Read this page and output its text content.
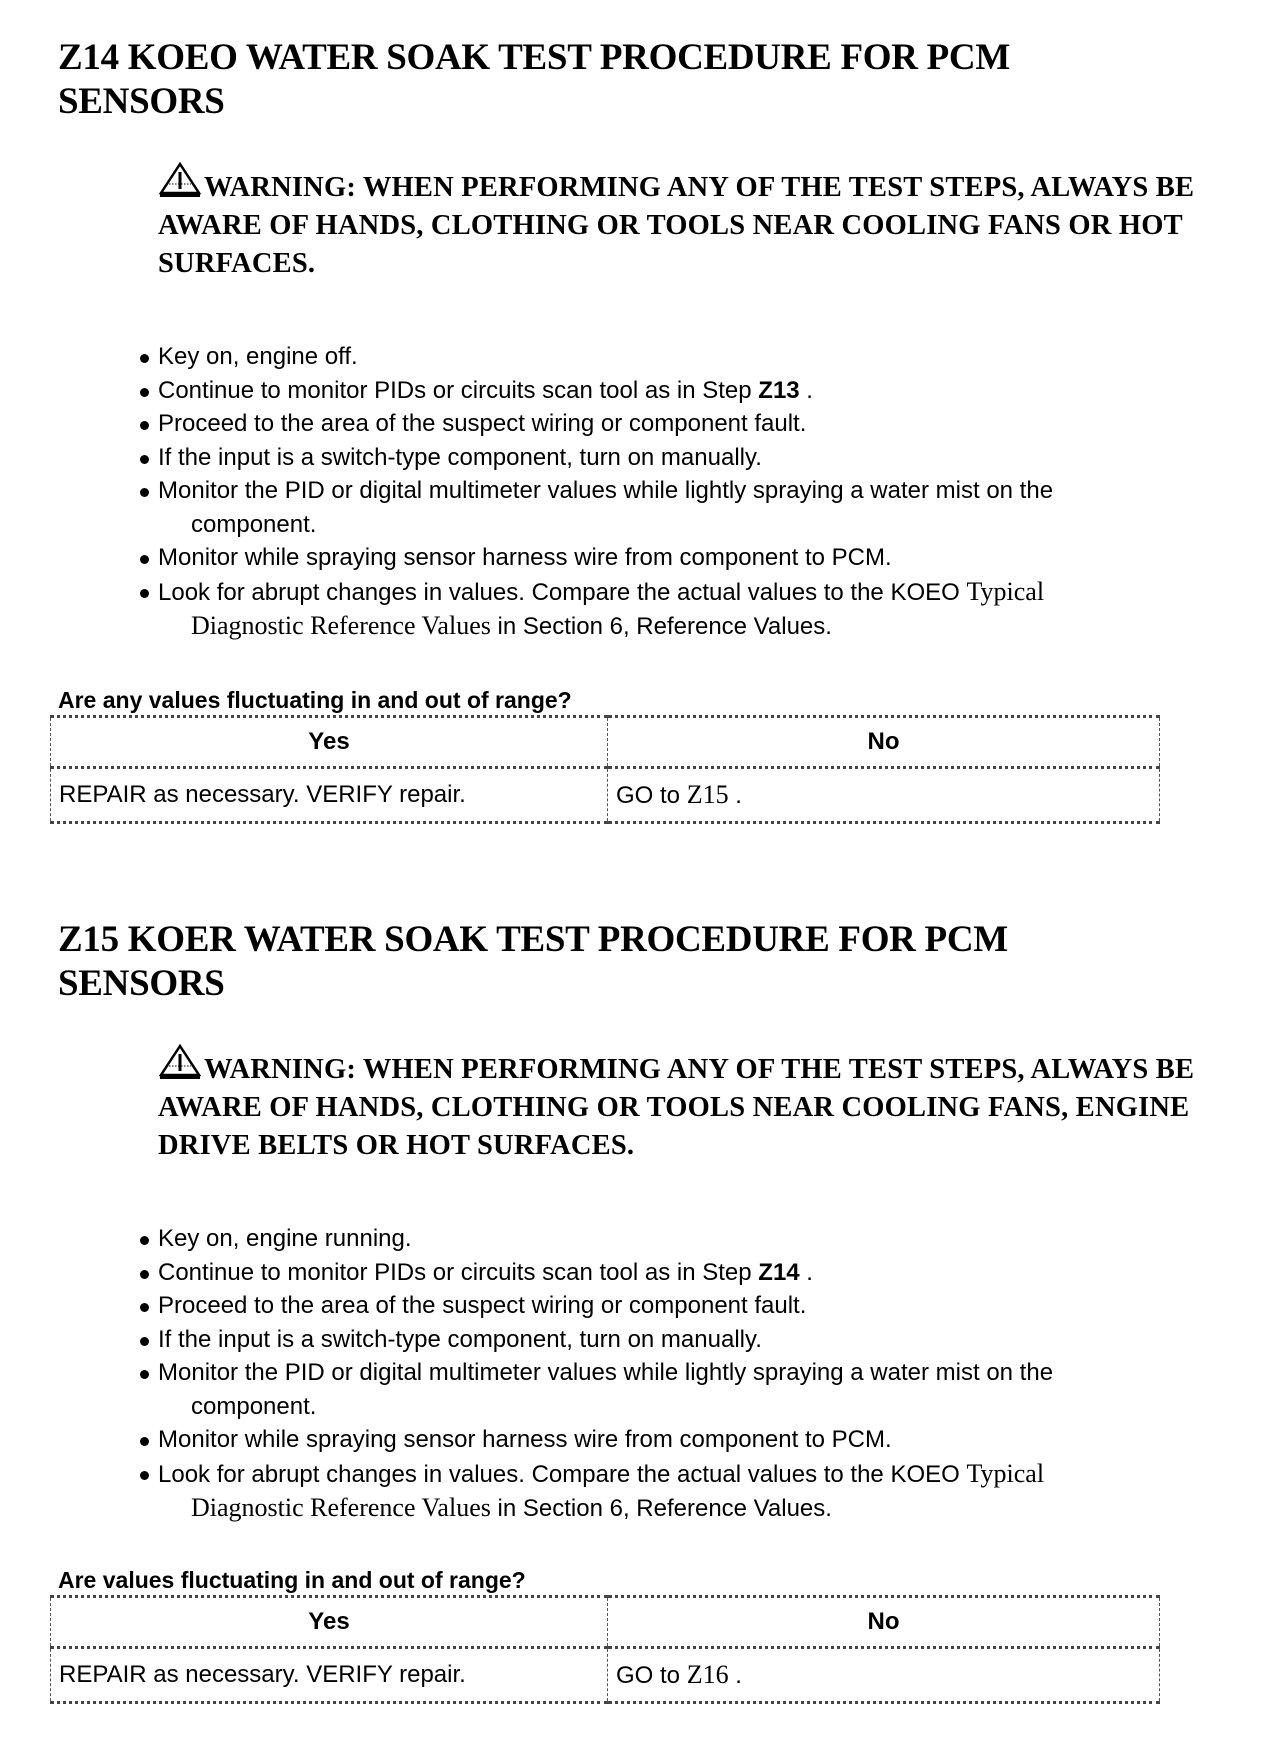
Z14 KOEO WATER SOAK TEST PROCEDURE FOR PCM SENSORS

WARNING: WHEN PERFORMING ANY OF THE TEST STEPS, ALWAYS BE AWARE OF HANDS, CLOTHING OR TOOLS NEAR COOLING FANS OR HOT SURFACES.

Key on, engine off.
Continue to monitor PIDs or circuits scan tool as in Step Z13 .
Proceed to the area of the suspect wiring or component fault.
If the input is a switch-type component, turn on manually.
Monitor the PID or digital multimeter values while lightly spraying a water mist on the
component.
Monitor while spraying sensor harness wire from component to PCM.
Look for abrupt changes in values. Compare the actual values to the KOEO Typical
Diagnostic Reference Values in Section 6, Reference Values.
Are any values fluctuating in and out of range?
Yes	No
REPAIR as necessary. VERIFY repair.	GO to Z15 .
Z15 KOER WATER SOAK TEST PROCEDURE FOR PCM SENSORS

WARNING: WHEN PERFORMING ANY OF THE TEST STEPS, ALWAYS BE AWARE OF HANDS, CLOTHING OR TOOLS NEAR COOLING FANS, ENGINE DRIVE BELTS OR HOT SURFACES.

Key on, engine running.
Continue to monitor PIDs or circuits scan tool as in Step Z14 .
Proceed to the area of the suspect wiring or component fault.
If the input is a switch-type component, turn on manually.
Monitor the PID or digital multimeter values while lightly spraying a water mist on the
component.
Monitor while spraying sensor harness wire from component to PCM.
Look for abrupt changes in values. Compare the actual values to the KOEO Typical
Diagnostic Reference Values in Section 6, Reference Values.
Are values fluctuating in and out of range?
Yes	No
REPAIR as necessary. VERIFY repair.	GO to Z16 .
